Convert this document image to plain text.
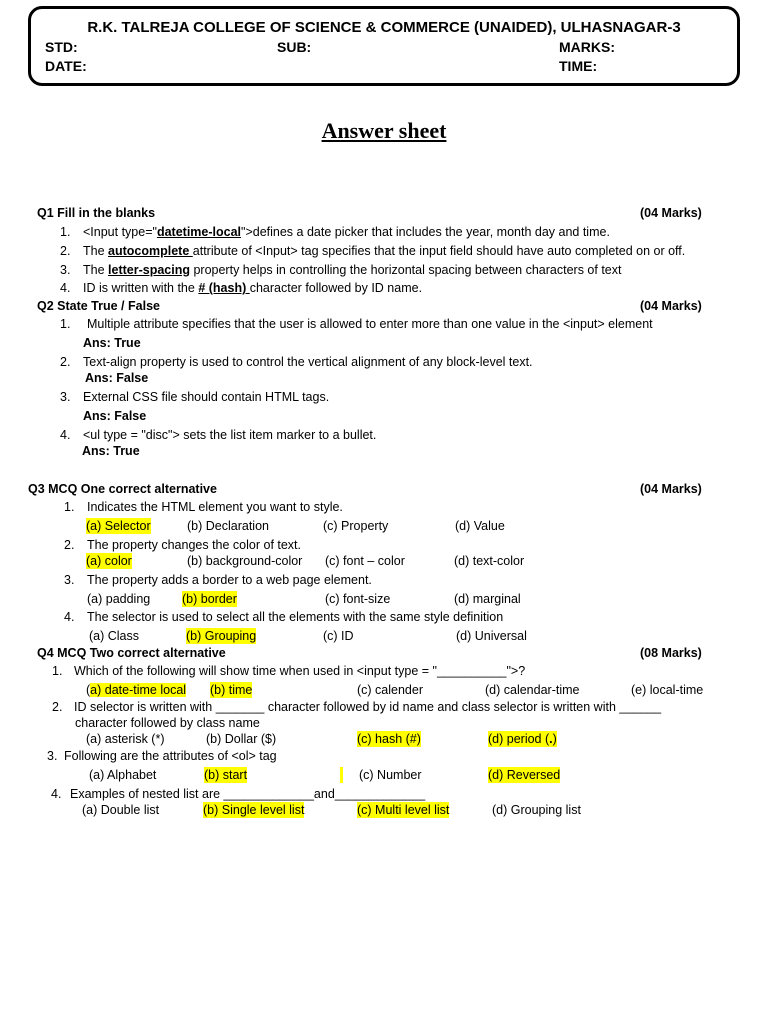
R.K. TALREJA COLLEGE OF SCIENCE & COMMERCE (UNAIDED), ULHASNAGAR-3
STD:	SUB:	MARKS:
DATE:	TIME:
Answer sheet
Q1 Fill in the blanks	(04 Marks)
1. <Input type="datetime-local">defines a date picker that includes the year, month day and time.
2. The autocomplete attribute of <Input> tag specifies that the input field should have auto completed on or off.
3. The letter-spacing property helps in controlling the horizontal spacing between characters of text
4. ID is written with the # (hash) character followed by ID name.
Q2 State True / False	(04 Marks)
1. Multiple attribute specifies that the user is allowed to enter more than one value in the <input> element
Ans: True
2. Text-align property is used to control the vertical alignment of any block-level text.
Ans: False
3. External CSS file should contain HTML tags.
Ans: False
4. <ul type = "disc"> sets the list item marker to a bullet.
Ans: True
Q3 MCQ One correct alternative	(04 Marks)
1. Indicates the HTML element you want to style.
(a) Selector	(b) Declaration	(c) Property	(d) Value
2. The property changes the color of text.
(a) color	(b) background-color (c) font – color	(d) text-color
3. The property adds a border to a web page element.
(a) padding	(b) border	(c) font-size	(d) marginal
4. The selector is used to select all the elements with the same style definition
(a) Class	(b) Grouping	(c) ID	(d) Universal
Q4 MCQ Two correct alternative	(08 Marks)
1. Which of the following will show time when used in <input type = "__________">?
(a) date-time local (b) time	(c) calender	(d) calendar-time	(e) local-time
2. ID selector is written with _______ character followed by id name and class selector is written with ______
character followed by class name
(a) asterisk (*)	(b) Dollar ($)	(c) hash (#)	(d) period (.)
3. Following are the attributes of <ol> tag
(a) Alphabet	(b) start	(c) Number	(d) Reversed
4. Examples of nested list are _____________and_____________
(a) Double list	(b) Single level list	(c) Multi level list	(d) Grouping list
